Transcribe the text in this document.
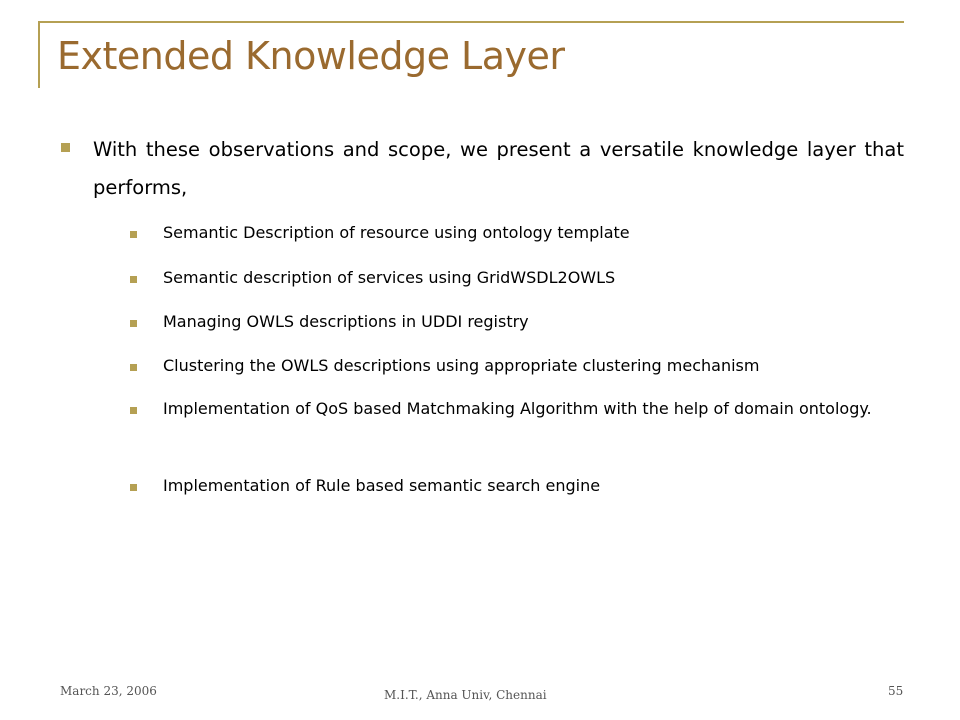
Extended Knowledge Layer
With these observations and scope, we present a versatile knowledge layer that performs,
Semantic Description of resource using ontology template
Semantic description of services using GridWSDL2OWLS
Managing OWLS descriptions in UDDI registry
Clustering the OWLS descriptions using appropriate clustering mechanism
Implementation of QoS based Matchmaking Algorithm with the help of domain ontology.
Implementation of Rule based semantic search engine
March 23, 2006	M.I.T., Anna Univ, Chennai	55
